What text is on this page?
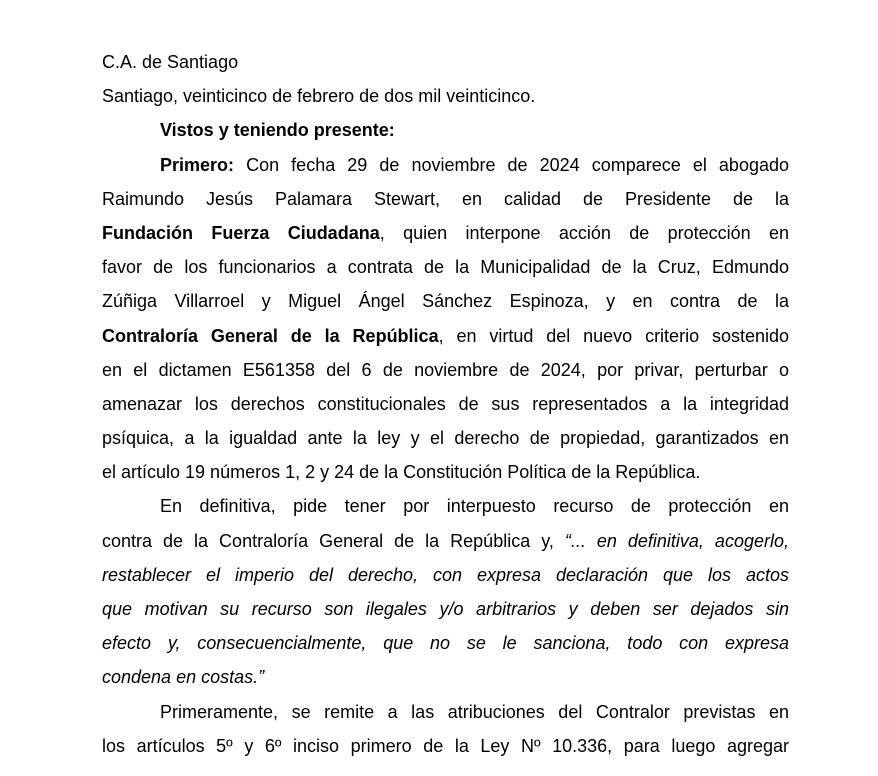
C.A. de Santiago
Santiago, veinticinco de febrero de dos mil veinticinco.
Vistos y teniendo presente:
Primero: Con fecha 29 de noviembre de 2024 comparece el abogado
Raimundo Jesús Palamara Stewart, en calidad de Presidente de la
Fundación Fuerza Ciudadana, quien interpone acción de protección en
favor de los funcionarios a contrata de la Municipalidad de la Cruz, Edmundo
Zúñiga Villarroel y Miguel Ángel Sánchez Espinoza, y en contra de la
Contraloría General de la República, en virtud del nuevo criterio sostenido
en el dictamen E561358 del 6 de noviembre de 2024, por privar, perturbar o
amenazar los derechos constitucionales de sus representados a la integridad
psíquica, a la igualdad ante la ley y el derecho de propiedad, garantizados en
el artículo 19 números 1, 2 y 24 de la Constitución Política de la República.
En definitiva, pide tener por interpuesto recurso de protección en
contra de la Contraloría General de la República y, “... en definitiva, acogerlo,
restablecer el imperio del derecho, con expresa declaración que los actos
que motivan su recurso son ilegales y/o arbitrarios y deben ser dejados sin
efecto y, consecuencialmente, que no se le sanciona, todo con expresa
condena en costas.”
Primeramente, se remite a las atribuciones del Contralor previstas en
los artículos 5º y 6º inciso primero de la Ley Nº 10.336, para luego agregar
